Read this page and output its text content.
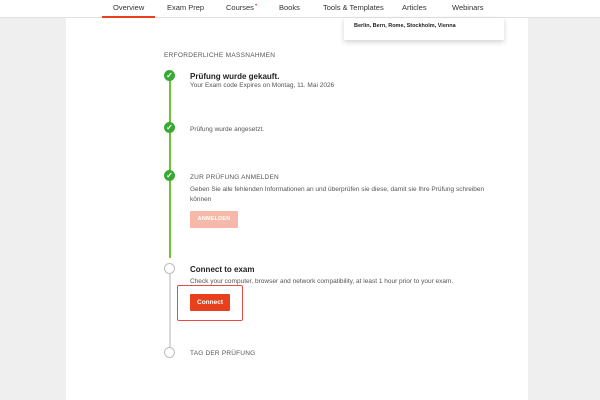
Overview	Exam Prep	Courses•	Books	Tools & Templates Articles	Webinars
Berlin, Bern, Rome, Stockholm, Vienna
ERFORDERLICHE MASSNAHMEN
✓ Prüfung wurde gekauft.
Your Exam code Expires on Montag, 11. Mai 2026
✓	Prüfung wurde angesetzt.
✓	ZUR PRÜFUNG ANMELDEN
Geben Sie alle fehlenden Informationen an und überprüfen sie diese, damit sie Ihre Prüfung schreiben können
ANMELDEN
Connect to exam
Check your computer, browser and network compatibility, at least 1 hour prior to your exam.
Connect
TAG DER PRÜFUNG
